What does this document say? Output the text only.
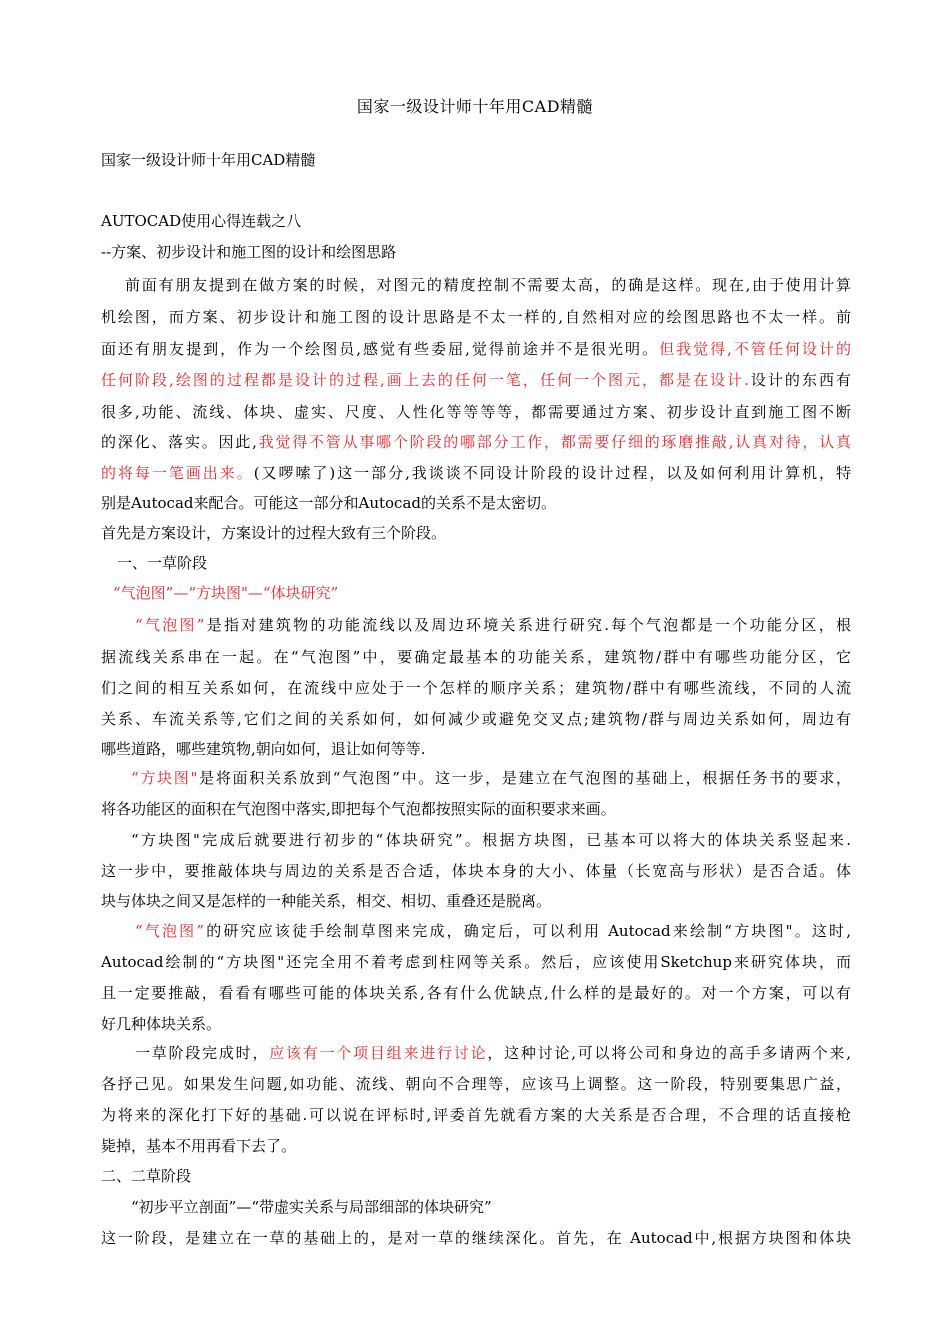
国家一级设计师十年用CAD精髓
国家一级设计师十年用CAD精髓
AUTOCAD使用心得连载之八
--方案、初步设计和施工图的设计和绘图思路
前面有朋友提到在做方案的时候，对图元的精度控制不需要太高，的确是这样。现在,由于使用计算
机绘图，而方案、初步设计和施工图的设计思路是不太一样的,自然相对应的绘图思路也不太一样。前
面还有朋友提到，作为一个绘图员,感觉有些委屈,觉得前途并不是很光明。但我觉得,不管任何设计的
任何阶段,绘图的过程都是设计的过程,画上去的任何一笔，任何一个图元，都是在设计.设计的东西有
很多,功能、流线、体块、虚实、尺度、人性化等等等等，都需要通过方案、初步设计直到施工图不断
的深化、落实。因此,我觉得不管从事哪个阶段的哪部分工作，都需要仔细的琢磨推敲,认真对待，认真
的将每一笔画出来。(又啰嗦了)这一部分,我谈谈不同设计阶段的设计过程，以及如何利用计算机，特
别是Autocad来配合。可能这一部分和Autocad的关系不是太密切。
首先是方案设计，方案设计的过程大致有三个阶段。
一、一草阶段
“气泡图”—“方块图"—“体块研究”
“气泡图”是指对建筑物的功能流线以及周边环境关系进行研究.每个气泡都是一个功能分区，根
据流线关系串在一起。在“气泡图”中，要确定最基本的功能关系，建筑物/群中有哪些功能分区，它
们之间的相互关系如何，在流线中应处于一个怎样的顺序关系；建筑物/群中有哪些流线，不同的人流
关系、车流关系等,它们之间的关系如何，如何减少或避免交叉点;建筑物/群与周边关系如何，周边有
哪些道路，哪些建筑物,朝向如何，退让如何等等.
“方块图"是将面积关系放到“气泡图”中。这一步，是建立在气泡图的基础上，根据任务书的要求，
将各功能区的面积在气泡图中落实,即把每个气泡都按照实际的面积要求来画。
“方块图"完成后就要进行初步的“体块研究”。根据方块图，已基本可以将大的体块关系竖起来.
这一步中，要推敲体块与周边的关系是否合适，体块本身的大小、体量（长宽高与形状）是否合适。体
块与体块之间又是怎样的一种能关系，相交、相切、重叠还是脱离。
“气泡图”的研究应该徒手绘制草图来完成，确定后，可以利用 Autocad来绘制“方块图"。这时,
Autocad绘制的“方块图"还完全用不着考虑到柱网等关系。然后，应该使用Sketchup来研究体块，而
且一定要推敲，看看有哪些可能的体块关系,各有什么优缺点,什么样的是最好的。对一个方案，可以有
好几种体块关系。
一草阶段完成时，应该有一个项目组来进行讨论，这种讨论,可以将公司和身边的高手多请两个来,
各抒己见。如果发生问题,如功能、流线、朝向不合理等，应该马上调整。这一阶段，特别要集思广益，
为将来的深化打下好的基础.可以说在评标时,评委首先就看方案的大关系是否合理，不合理的话直接枪
毙掉，基本不用再看下去了。
二、二草阶段
“初步平立剖面”—“带虚实关系与局部细部的体块研究”
这一阶段，是建立在一草的基础上的，是对一草的继续深化。首先，在 Autocad中,根据方块图和体块
